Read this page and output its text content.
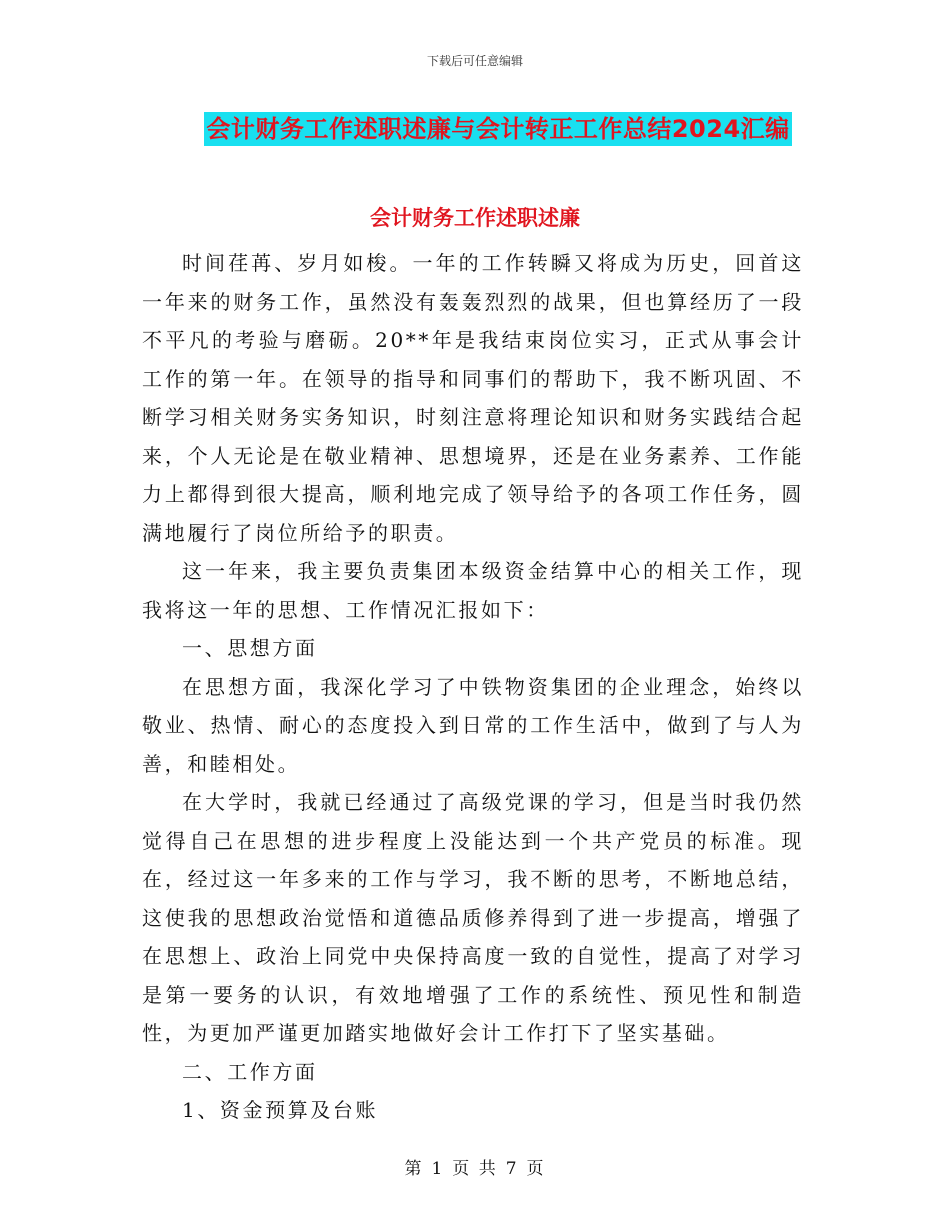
下载后可任意编辑
会计财务工作述职述廉与会计转正工作总结2024汇编
会计财务工作述职述廉

时间荏苒、岁月如梭。一年的工作转瞬又将成为历史，回首这一年来的财务工作，虽然没有轰轰烈烈的战果，但也算经历了一段不平凡的考验与磨砺。20**年是我结束岗位实习，正式从事会计工作的第一年。在领导的指导和同事们的帮助下，我不断巩固、不断学习相关财务实务知识，时刻注意将理论知识和财务实践结合起来，个人无论是在敬业精神、思想境界，还是在业务素养、工作能力上都得到很大提高，顺利地完成了领导给予的各项工作任务，圆满地履行了岗位所给予的职责。

这一年来，我主要负责集团本级资金结算中心的相关工作，现我将这一年的思想、工作情况汇报如下：

一、思想方面

在思想方面，我深化学习了中铁物资集团的企业理念，始终以敬业、热情、耐心的态度投入到日常的工作生活中，做到了与人为善，和睦相处。

在大学时，我就已经通过了高级党课的学习，但是当时我仍然觉得自己在思想的进步程度上没能达到一个共产党员的标准。现在，经过这一年多来的工作与学习，我不断的思考，不断地总结，这使我的思想政治觉悟和道德品质修养得到了进一步提高，增强了在思想上、政治上同党中央保持高度一致的自觉性，提高了对学习是第一要务的认识，有效地增强了工作的系统性、预见性和制造性，为更加严谨更加踏实地做好会计工作打下了坚实基础。

二、工作方面

1、资金预算及台账

第 1 页 共 7 页
